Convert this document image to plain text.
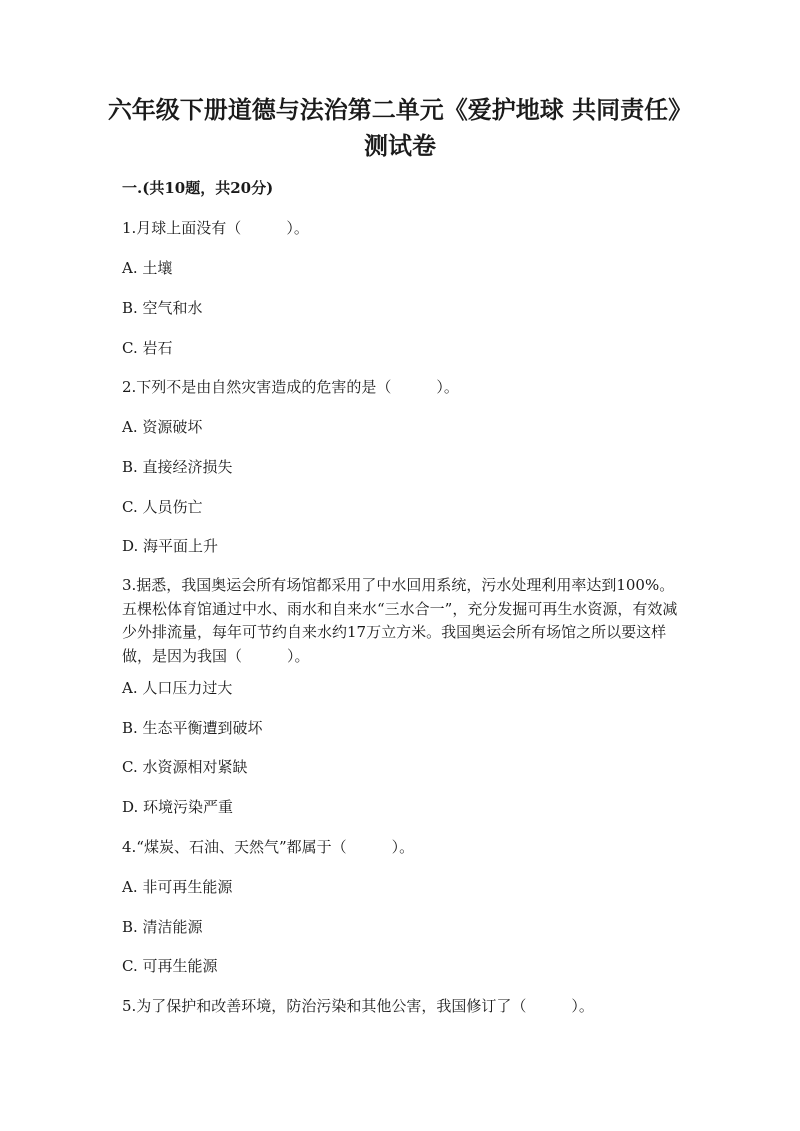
六年级下册道德与法治第二单元《爱护地球 共同责任》测试卷

一.(共10题，共20分)

1.月球上面没有（　　　）。

A. 土壤

B. 空气和水

C. 岩石

2.下列不是由自然灾害造成的危害的是（　　　）。

A. 资源破坏

B. 直接经济损失

C. 人员伤亡

D. 海平面上升

3.据悉，我国奥运会所有场馆都采用了中水回用系统，污水处理利用率达到100%。五棵松体育馆通过中水、雨水和自来水“三水合一”，充分发掘可再生水资源，有效减少外排流量，每年可节约自来水约17万立方米。我国奥运会所有场馆之所以要这样做，是因为我国（　　　）。

A. 人口压力过大

B. 生态平衡遭到破坏

C. 水资源相对紧缺

D. 环境污染严重

4.“煤炭、石油、天然气”都属于（　　　）。

A. 非可再生能源

B. 清洁能源

C. 可再生能源

5.为了保护和改善环境，防治污染和其他公害，我国修订了（　　　）。
